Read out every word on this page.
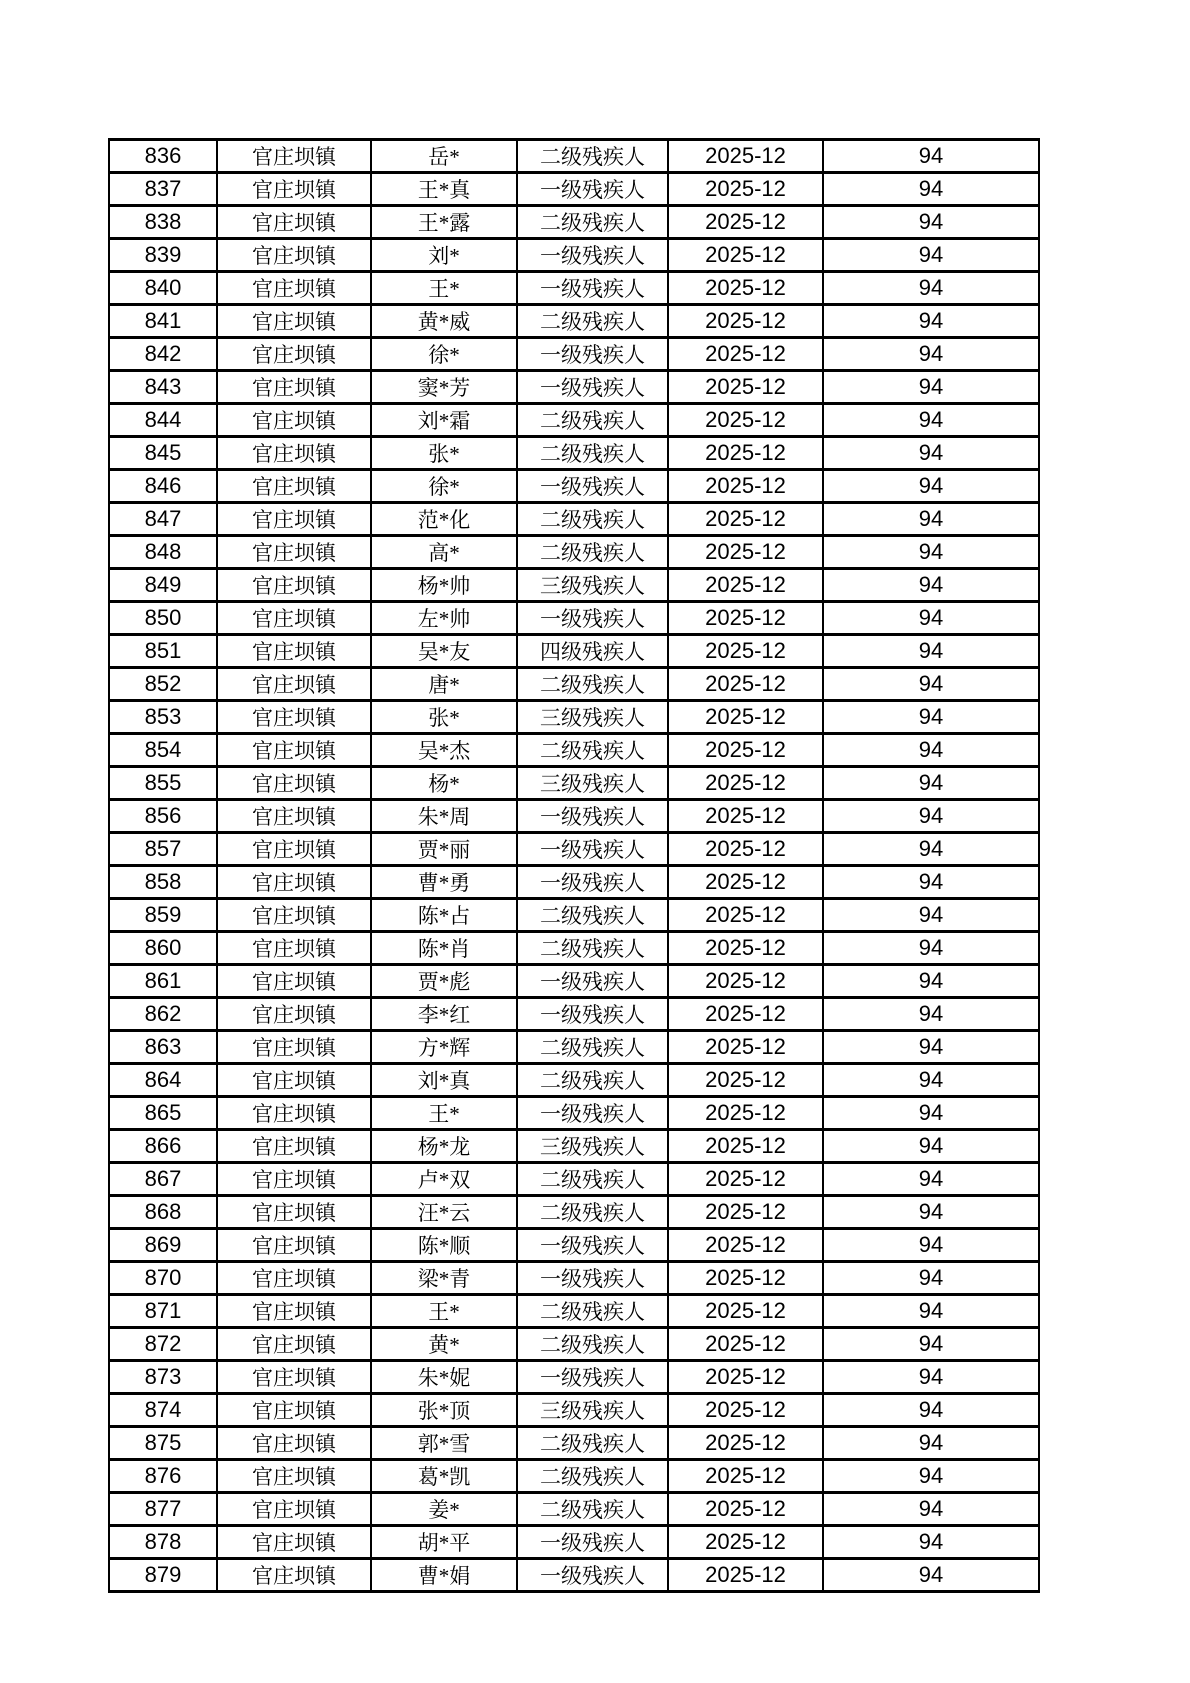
836	官庄坝镇	岳*	二级残疾人	2025-12	94
837	官庄坝镇	王*真	一级残疾人	2025-12	94
838	官庄坝镇	王*露	二级残疾人	2025-12	94
839	官庄坝镇	刘*	一级残疾人	2025-12	94
840	官庄坝镇	王*	一级残疾人	2025-12	94
841	官庄坝镇	黄*威	二级残疾人	2025-12	94
842	官庄坝镇	徐*	一级残疾人	2025-12	94
843	官庄坝镇	窦*芳	一级残疾人	2025-12	94
844	官庄坝镇	刘*霜	二级残疾人	2025-12	94
845	官庄坝镇	张*	二级残疾人	2025-12	94
846	官庄坝镇	徐*	一级残疾人	2025-12	94
847	官庄坝镇	范*化	二级残疾人	2025-12	94
848	官庄坝镇	高*	二级残疾人	2025-12	94
849	官庄坝镇	杨*帅	三级残疾人	2025-12	94
850	官庄坝镇	左*帅	一级残疾人	2025-12	94
851	官庄坝镇	吴*友	四级残疾人	2025-12	94
852	官庄坝镇	唐*	二级残疾人	2025-12	94
853	官庄坝镇	张*	三级残疾人	2025-12	94
854	官庄坝镇	吴*杰	二级残疾人	2025-12	94
855	官庄坝镇	杨*	三级残疾人	2025-12	94
856	官庄坝镇	朱*周	一级残疾人	2025-12	94
857	官庄坝镇	贾*丽	一级残疾人	2025-12	94
858	官庄坝镇	曹*勇	一级残疾人	2025-12	94
859	官庄坝镇	陈*占	二级残疾人	2025-12	94
860	官庄坝镇	陈*肖	二级残疾人	2025-12	94
861	官庄坝镇	贾*彪	一级残疾人	2025-12	94
862	官庄坝镇	李*红	一级残疾人	2025-12	94
863	官庄坝镇	方*辉	二级残疾人	2025-12	94
864	官庄坝镇	刘*真	二级残疾人	2025-12	94
865	官庄坝镇	王*	一级残疾人	2025-12	94
866	官庄坝镇	杨*龙	三级残疾人	2025-12	94
867	官庄坝镇	卢*双	二级残疾人	2025-12	94
868	官庄坝镇	汪*云	二级残疾人	2025-12	94
869	官庄坝镇	陈*顺	一级残疾人	2025-12	94
870	官庄坝镇	梁*青	一级残疾人	2025-12	94
871	官庄坝镇	王*	二级残疾人	2025-12	94
872	官庄坝镇	黄*	二级残疾人	2025-12	94
873	官庄坝镇	朱*妮	一级残疾人	2025-12	94
874	官庄坝镇	张*顶	三级残疾人	2025-12	94
875	官庄坝镇	郭*雪	二级残疾人	2025-12	94
876	官庄坝镇	葛*凯	二级残疾人	2025-12	94
877	官庄坝镇	姜*	二级残疾人	2025-12	94
878	官庄坝镇	胡*平	一级残疾人	2025-12	94
879	官庄坝镇	曹*娟	一级残疾人	2025-12	94
